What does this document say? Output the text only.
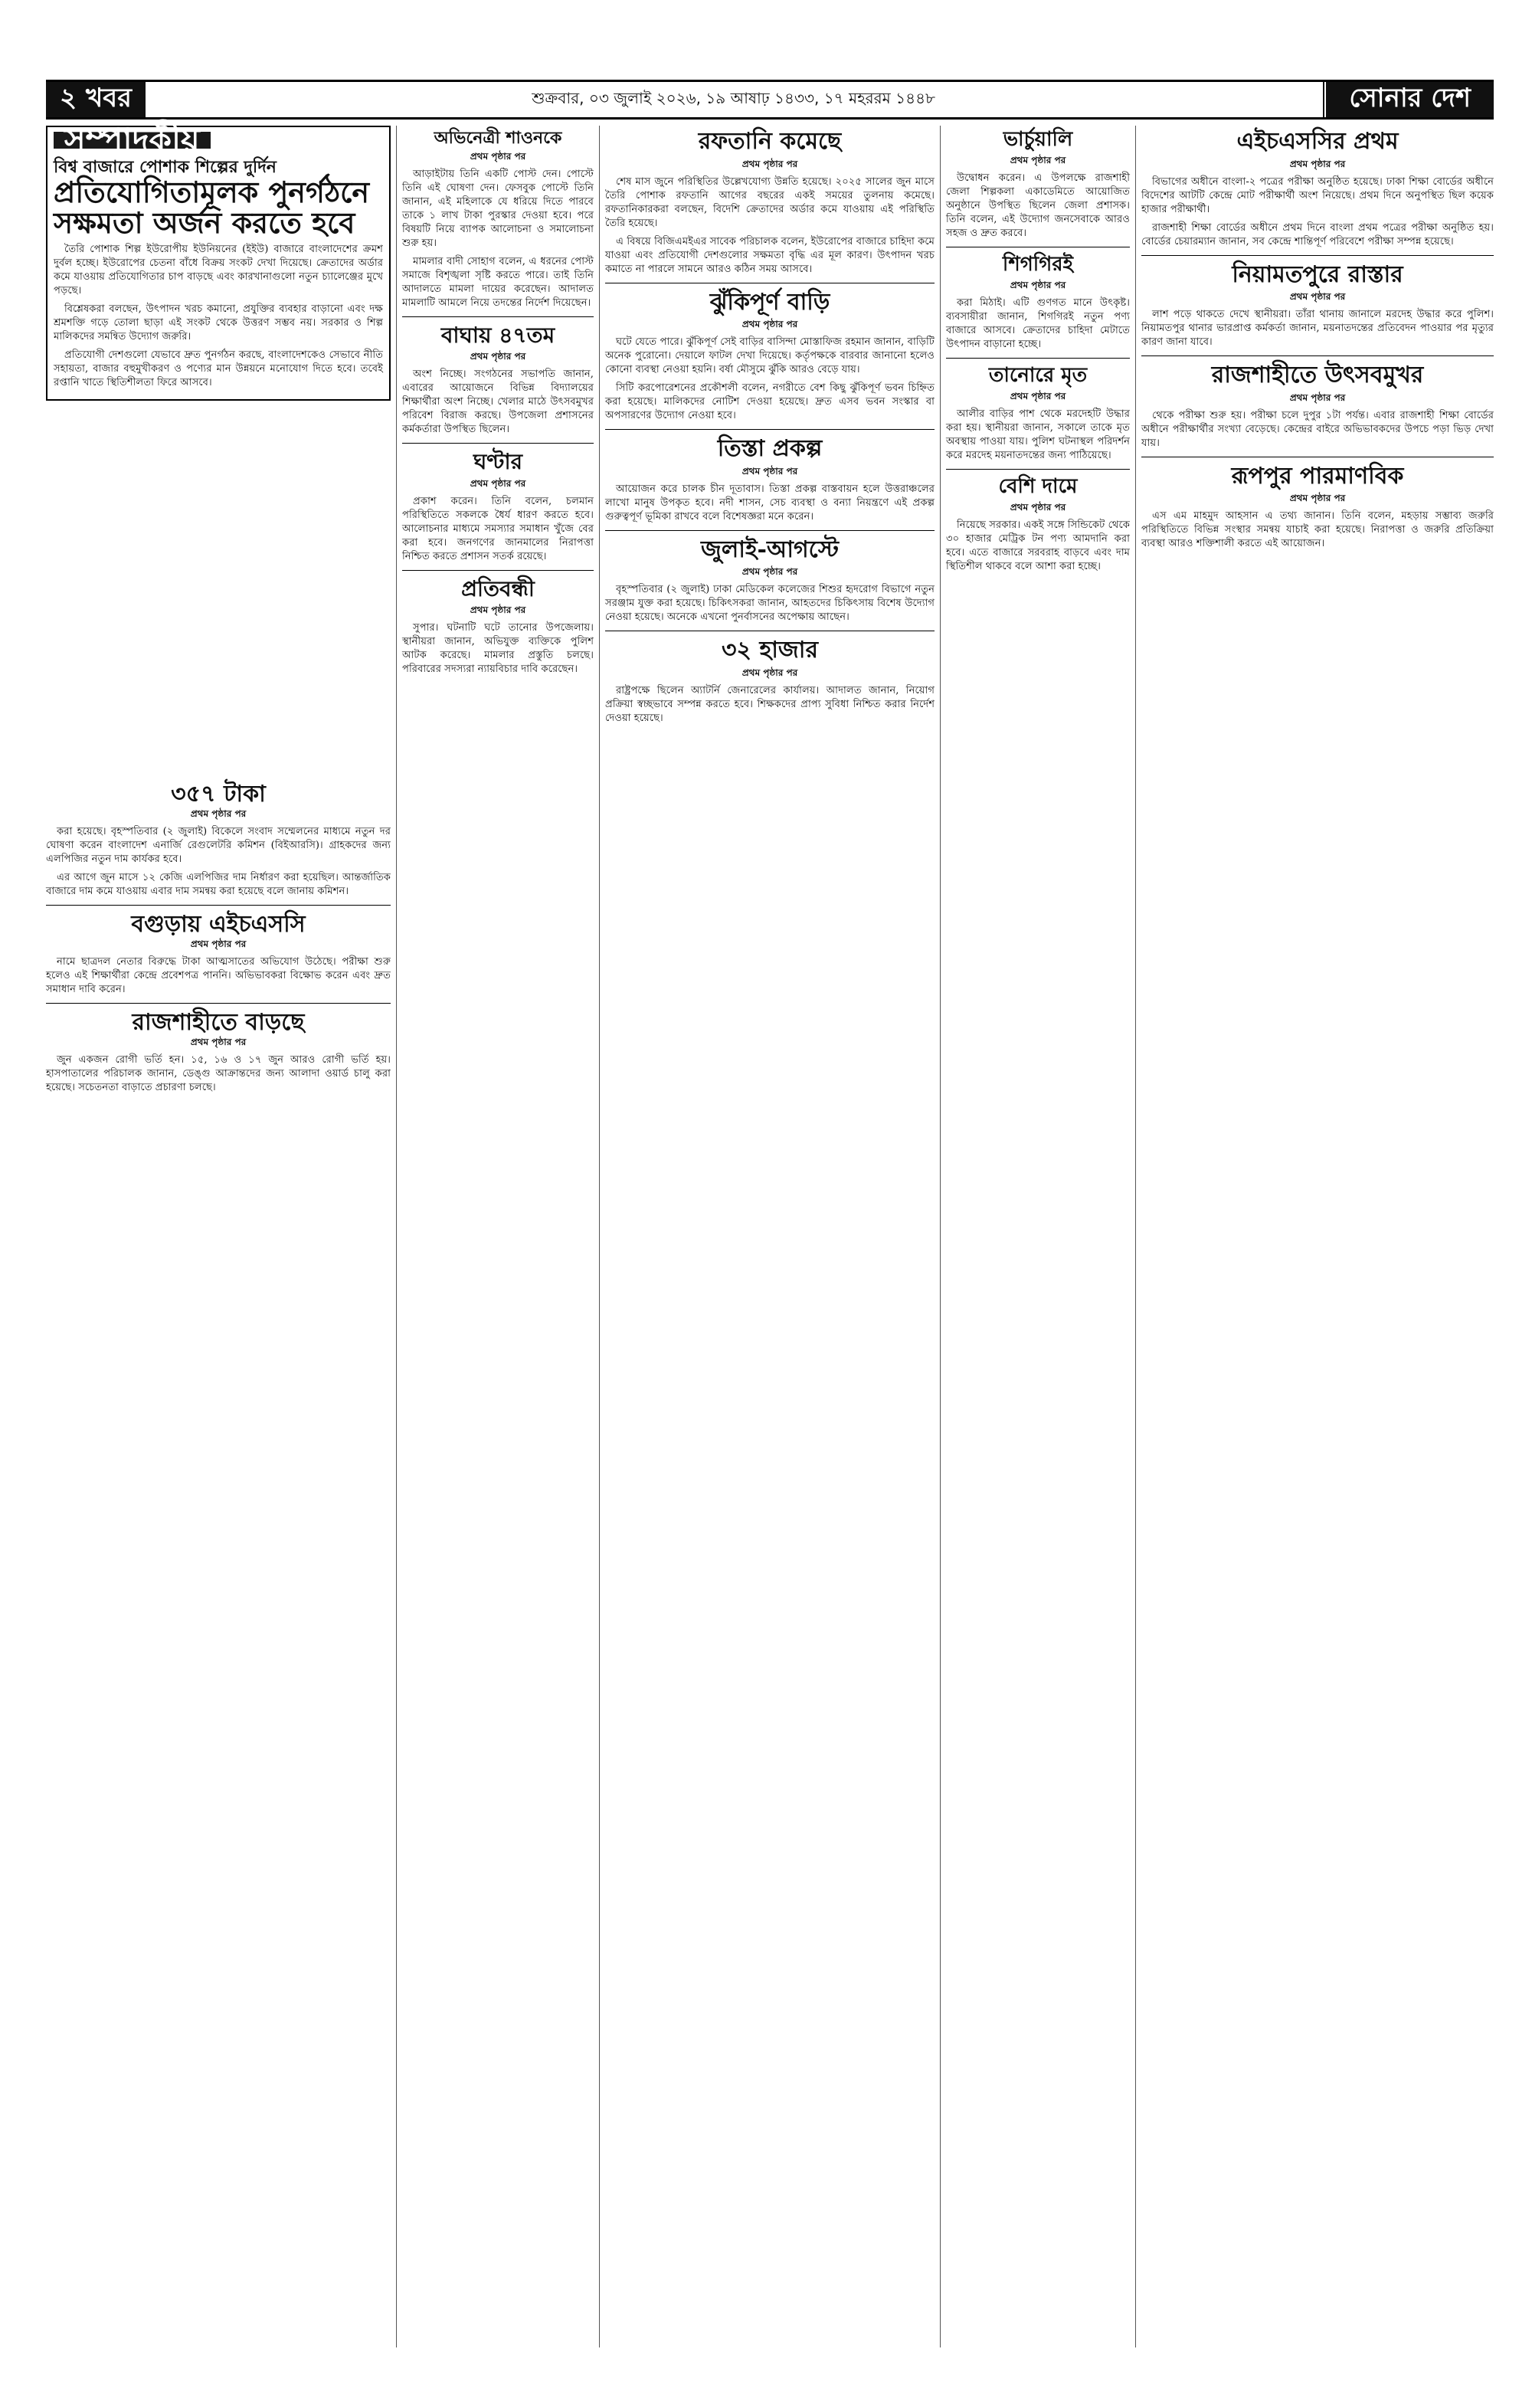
২ খবর	শুক্রবার, ০৩ জুলাই ২০২৬, ১৯ আষাঢ় ১৪৩৩, ১৭ মহররম ১৪৪৮	সোনার দেশ
সম্পাদকীয়
বিশ্ব বাজারে পোশাক শিল্পের দুর্দিন
প্রতিযোগিতামূলক পুনর্গঠনে
সক্ষমতা অর্জন করতে হবে

তৈরি পোশাক শিল্প ইউরোপীয় ইউনিয়নের (ইইউ) বাজারে বাংলাদেশের ক্রমশ দুর্বল হচ্ছে। ইউরোপের চেতনা বাঁধে বিক্রয় সংকট দেখা দিয়েছে। ক্রেতাদের অর্ডার কমে যাওয়ায় প্রতিযোগিতার চাপ বাড়ছে এবং কারখানাগুলো নতুন চ্যালেঞ্জের মুখে পড়ছে।

বিশ্লেষকরা বলছেন, উৎপাদন খরচ কমানো, প্রযুক্তির ব্যবহার বাড়ানো এবং দক্ষ শ্রমশক্তি গড়ে তোলা ছাড়া এই সংকট থেকে উত্তরণ সম্ভব নয়। সরকার ও শিল্প মালিকদের সমন্বিত উদ্যোগ জরুরি।

প্রতিযোগী দেশগুলো যেভাবে দ্রুত পুনর্গঠন করছে, বাংলাদেশকেও সেভাবে নীতি সহায়তা, বাজার বহুমুখীকরণ ও পণ্যের মান উন্নয়নে মনোযোগ দিতে হবে। তবেই রপ্তানি খাতে স্থিতিশীলতা ফিরে আসবে।

৩৫৭ টাকা
প্রথম পৃষ্ঠার পর

করা হয়েছে। বৃহস্পতিবার (২ জুলাই) বিকেলে সংবাদ সম্মেলনের মাধ্যমে নতুন দর ঘোষণা করেন বাংলাদেশ এনার্জি রেগুলেটরি কমিশন (বিইআরসি)। গ্রাহকদের জন্য এলপিজির নতুন দাম কার্যকর হবে।

এর আগে জুন মাসে ১২ কেজি এলপিজির দাম নির্ধারণ করা হয়েছিল। আন্তর্জাতিক বাজারে দাম কমে যাওয়ায় এবার দাম সমন্বয় করা হয়েছে বলে জানায় কমিশন।

বগুড়ায় এইচএসসি
প্রথম পৃষ্ঠার পর

নামে ছাত্রদল নেতার বিরুদ্ধে টাকা আত্মসাতের অভিযোগ উঠেছে। পরীক্ষা শুরু হলেও এই শিক্ষার্থীরা কেন্দ্রে প্রবেশপত্র পাননি। অভিভাবকরা বিক্ষোভ করেন এবং দ্রুত সমাধান দাবি করেন।

রাজশাহীতে বাড়ছে
প্রথম পৃষ্ঠার পর

জুন একজন রোগী ভর্তি হন। ১৫, ১৬ ও ১৭ জুন আরও রোগী ভর্তি হয়। হাসপাতালের পরিচালক জানান, ডেঙ্গু আক্রান্তদের জন্য আলাদা ওয়ার্ড চালু করা হয়েছে। সচেতনতা বাড়াতে প্রচারণা চলছে।

অভিনেত্রী শাওনকে
প্রথম পৃষ্ঠার পর

আড়াইটায় তিনি একটি পোস্ট দেন। পোস্টে তিনি এই ঘোষণা দেন। ফেসবুক পোস্টে তিনি জানান, এই মহিলাকে যে ধরিয়ে দিতে পারবে তাকে ১ লাখ টাকা পুরস্কার দেওয়া হবে। পরে বিষয়টি নিয়ে ব্যাপক আলোচনা ও সমালোচনা শুরু হয়।

মামলার বাদী সোহাগ বলেন, এ ধরনের পোস্ট সমাজে বিশৃঙ্খলা সৃষ্টি করতে পারে। তাই তিনি আদালতে মামলা দায়ের করেছেন। আদালত মামলাটি আমলে নিয়ে তদন্তের নির্দেশ দিয়েছেন।

বাঘায় ৪৭তম
প্রথম পৃষ্ঠার পর

অংশ নিচ্ছে। সংগঠনের সভাপতি জানান, এবারের আয়োজনে বিভিন্ন বিদ্যালয়ের শিক্ষার্থীরা অংশ নিচ্ছে। খেলার মাঠে উৎসবমুখর পরিবেশ বিরাজ করছে। উপজেলা প্রশাসনের কর্মকর্তারা উপস্থিত ছিলেন।

ঘণ্টার
প্রথম পৃষ্ঠার পর

প্রকাশ করেন। তিনি বলেন, চলমান পরিস্থিতিতে সকলকে ধৈর্য ধারণ করতে হবে। আলোচনার মাধ্যমে সমস্যার সমাধান খুঁজে বের করা হবে। জনগণের জানমালের নিরাপত্তা নিশ্চিত করতে প্রশাসন সতর্ক রয়েছে।

প্রতিবন্ধী
প্রথম পৃষ্ঠার পর

সুপার। ঘটনাটি ঘটে তানোর উপজেলায়। স্থানীয়রা জানান, অভিযুক্ত ব্যক্তিকে পুলিশ আটক করেছে। মামলার প্রস্তুতি চলছে। পরিবারের সদস্যরা ন্যায়বিচার দাবি করেছেন।

রফতানি কমেছে
প্রথম পৃষ্ঠার পর

শেষ মাস জুনে পরিস্থিতির উল্লেখযোগ্য উন্নতি হয়েছে। ২০২৫ সালের জুন মাসে তৈরি পোশাক রফতানি আগের বছরের একই সময়ের তুলনায় কমেছে। রফতানিকারকরা বলছেন, বিদেশি ক্রেতাদের অর্ডার কমে যাওয়ায় এই পরিস্থিতি তৈরি হয়েছে।

এ বিষয়ে বিজিএমইএর সাবেক পরিচালক বলেন, ইউরোপের বাজারে চাহিদা কমে যাওয়া এবং প্রতিযোগী দেশগুলোর সক্ষমতা বৃদ্ধি এর মূল কারণ। উৎপাদন খরচ কমাতে না পারলে সামনে আরও কঠিন সময় আসবে।

ঝুঁকিপূর্ণ বাড়ি
প্রথম পৃষ্ঠার পর

ঘটে যেতে পারে। ঝুঁকিপূর্ণ সেই বাড়ির বাসিন্দা মোস্তাফিজ রহমান জানান, বাড়িটি অনেক পুরোনো। দেয়ালে ফাটল দেখা দিয়েছে। কর্তৃপক্ষকে বারবার জানানো হলেও কোনো ব্যবস্থা নেওয়া হয়নি। বর্ষা মৌসুমে ঝুঁকি আরও বেড়ে যায়।

সিটি করপোরেশনের প্রকৌশলী বলেন, নগরীতে বেশ কিছু ঝুঁকিপূর্ণ ভবন চিহ্নিত করা হয়েছে। মালিকদের নোটিশ দেওয়া হয়েছে। দ্রুত এসব ভবন সংস্কার বা অপসারণের উদ্যোগ নেওয়া হবে।

তিস্তা প্রকল্প
প্রথম পৃষ্ঠার পর

আয়োজন করে চালক চীন দূতাবাস। তিস্তা প্রকল্প বাস্তবায়ন হলে উত্তরাঞ্চলের লাখো মানুষ উপকৃত হবে। নদী শাসন, সেচ ব্যবস্থা ও বন্যা নিয়ন্ত্রণে এই প্রকল্প গুরুত্বপূর্ণ ভূমিকা রাখবে বলে বিশেষজ্ঞরা মনে করেন।

জুলাই-আগস্টে
প্রথম পৃষ্ঠার পর

বৃহস্পতিবার (২ জুলাই) ঢাকা মেডিকেল কলেজের শিশুর হৃদরোগ বিভাগে নতুন সরঞ্জাম যুক্ত করা হয়েছে। চিকিৎসকরা জানান, আহতদের চিকিৎসায় বিশেষ উদ্যোগ নেওয়া হয়েছে। অনেকে এখনো পুনর্বাসনের অপেক্ষায় আছেন।

৩২ হাজার
প্রথম পৃষ্ঠার পর

রাষ্ট্রপক্ষে ছিলেন অ্যাটর্নি জেনারেলের কার্যালয়। আদালত জানান, নিয়োগ প্রক্রিয়া স্বচ্ছভাবে সম্পন্ন করতে হবে। শিক্ষকদের প্রাপ্য সুবিধা নিশ্চিত করার নির্দেশ দেওয়া হয়েছে।

ভার্চুয়ালি
প্রথম পৃষ্ঠার পর

উদ্বোধন করেন। এ উপলক্ষে রাজশাহী জেলা শিল্পকলা একাডেমিতে আয়োজিত অনুষ্ঠানে উপস্থিত ছিলেন জেলা প্রশাসক। তিনি বলেন, এই উদ্যোগ জনসেবাকে আরও সহজ ও দ্রুত করবে।

শিগগিরই
প্রথম পৃষ্ঠার পর

করা মিঠাই। এটি গুণগত মানে উৎকৃষ্ট। ব্যবসায়ীরা জানান, শিগগিরই নতুন পণ্য বাজারে আসবে। ক্রেতাদের চাহিদা মেটাতে উৎপাদন বাড়ানো হচ্ছে।

তানোরে মৃত
প্রথম পৃষ্ঠার পর

আলীর বাড়ির পাশ থেকে মরদেহটি উদ্ধার করা হয়। স্থানীয়রা জানান, সকালে তাকে মৃত অবস্থায় পাওয়া যায়। পুলিশ ঘটনাস্থল পরিদর্শন করে মরদেহ ময়নাতদন্তের জন্য পাঠিয়েছে।

বেশি দামে
প্রথম পৃষ্ঠার পর

নিয়েছে সরকার। একই সঙ্গে সিন্ডিকেট থেকে ৩০ হাজার মেট্রিক টন পণ্য আমদানি করা হবে। এতে বাজারে সরবরাহ বাড়বে এবং দাম স্থিতিশীল থাকবে বলে আশা করা হচ্ছে।

এইচএসসির প্রথম
প্রথম পৃষ্ঠার পর

বিভাগের অধীনে বাংলা-২ পত্রের পরীক্ষা অনুষ্ঠিত হয়েছে। ঢাকা শিক্ষা বোর্ডের অধীনে বিদেশের আটটি কেন্দ্রে মোট পরীক্ষার্থী অংশ নিয়েছে। প্রথম দিনে অনুপস্থিত ছিল কয়েক হাজার পরীক্ষার্থী।

রাজশাহী শিক্ষা বোর্ডের অধীনে প্রথম দিনে বাংলা প্রথম পত্রের পরীক্ষা অনুষ্ঠিত হয়। বোর্ডের চেয়ারম্যান জানান, সব কেন্দ্রে শান্তিপূর্ণ পরিবেশে পরীক্ষা সম্পন্ন হয়েছে।

নিয়ামতপুরে রাস্তার
প্রথম পৃষ্ঠার পর

লাশ পড়ে থাকতে দেখে স্থানীয়রা। তাঁরা থানায় জানালে মরদেহ উদ্ধার করে পুলিশ। নিয়ামতপুর থানার ভারপ্রাপ্ত কর্মকর্তা জানান, ময়নাতদন্তের প্রতিবেদন পাওয়ার পর মৃত্যুর কারণ জানা যাবে।

রাজশাহীতে উৎসবমুখর
প্রথম পৃষ্ঠার পর

থেকে পরীক্ষা শুরু হয়। পরীক্ষা চলে দুপুর ১টা পর্যন্ত। এবার রাজশাহী শিক্ষা বোর্ডের অধীনে পরীক্ষার্থীর সংখ্যা বেড়েছে। কেন্দ্রের বাইরে অভিভাবকদের উপচে পড়া ভিড় দেখা যায়।

রূপপুর পারমাণবিক
প্রথম পৃষ্ঠার পর

এস এম মাহমুদ আহসান এ তথ্য জানান। তিনি বলেন, মহড়ায় সম্ভাব্য জরুরি পরিস্থিতিতে বিভিন্ন সংস্থার সমন্বয় যাচাই করা হয়েছে। নিরাপত্তা ও জরুরি প্রতিক্রিয়া ব্যবস্থা আরও শক্তিশালী করতে এই আয়োজন।
